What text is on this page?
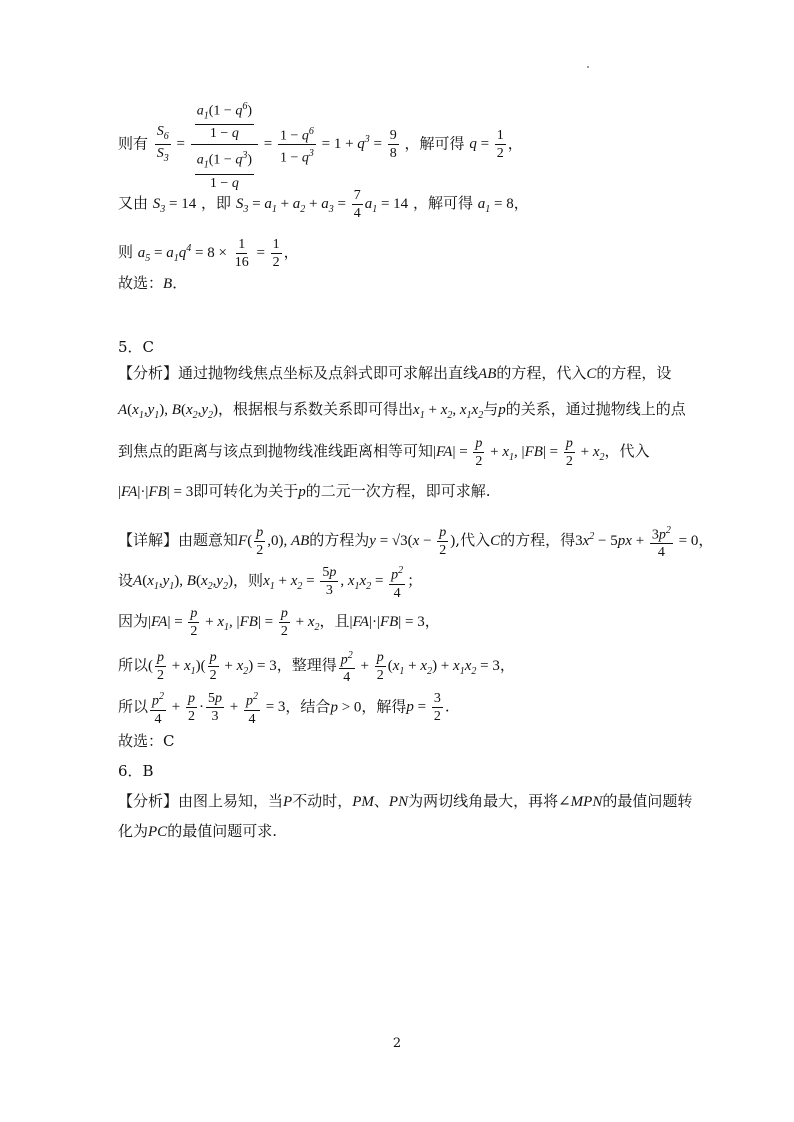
则有 $\frac{S_6}{S_3} = \frac{\frac{a_1(1 - q^6)}{1 - q}}{\frac{a_1(1 - q^3)}{1 - q}} = \frac{1 - q^6}{1 - q^3} = 1 + q^3 = \frac{9}{8}$ ，解可得 $q = \frac{1}{2}$ ，
又由 $S_3 = 14$ ，即 $S_3 = a_1 + a_2 + a_3 = \frac{7}{4} a_1 = 14$ ，解可得 $a_1 = 8$，
则 $a_5 = a_1q^4 = 8 \times \frac{1}{16} = \frac{1}{2}$ ，
故选：B．
5．C
【分析】通过抛物线焦点坐标及点斜式即可求解出直线AB的方程，代入C的方程，设
$A(x_1,y_1)$, $B(x_2,y_2)$，根据根与系数关系即可得出$x_1 + x_2$, $x_1x_2$与p的关系，通过抛物线上的点
到焦点的距离与该点到抛物线准线距离相等可知$|FA| = \frac{p}{2} + x_1$, $|FB| = \frac{p}{2} + x_2$，代入
|FA|·|FB| = 3即可转化为关于p的二元一次方程，即可求解.
【详解】由题意知$F( \frac{p}{2} ,0)$, AB的方程为$y = √3(x - \frac{p}{2}$ ),代入C的方程，得$3x^2 - 5px + \frac{3p^2}{4} = 0$，
设$A(x_1,y_1)$, $B(x_2,y_2)$，则$x_1 + x_2 = \frac{5p}{3}$ , $x_1x_2 = \frac{p^2}{4}$ ；
因为$|FA| = \frac{p}{2} + x_1$, $|FB| = \frac{p}{2} + x_2$，且|FA|·|FB| = 3，
所以( $\frac{p}{2} + x_1)( \frac{p}{2} + x_2) = 3$，整理得 $\frac{p^2}{4} + \frac{p}{2} (x_1 + x_2) + x_1x_2 = 3$，
所以 $\frac{p^2}{4} + \frac{p}{2} \cdot \frac{5p}{3} + \frac{p^2}{4} = 3$，结合p > 0，解得$p = \frac{3}{2}$ .
故选：C
6．B
【分析】由图上易知，当P不动时，PM、PN为两切线角最大，再将∠MPN的最值问题转
化为PC的最值问题可求.
2
